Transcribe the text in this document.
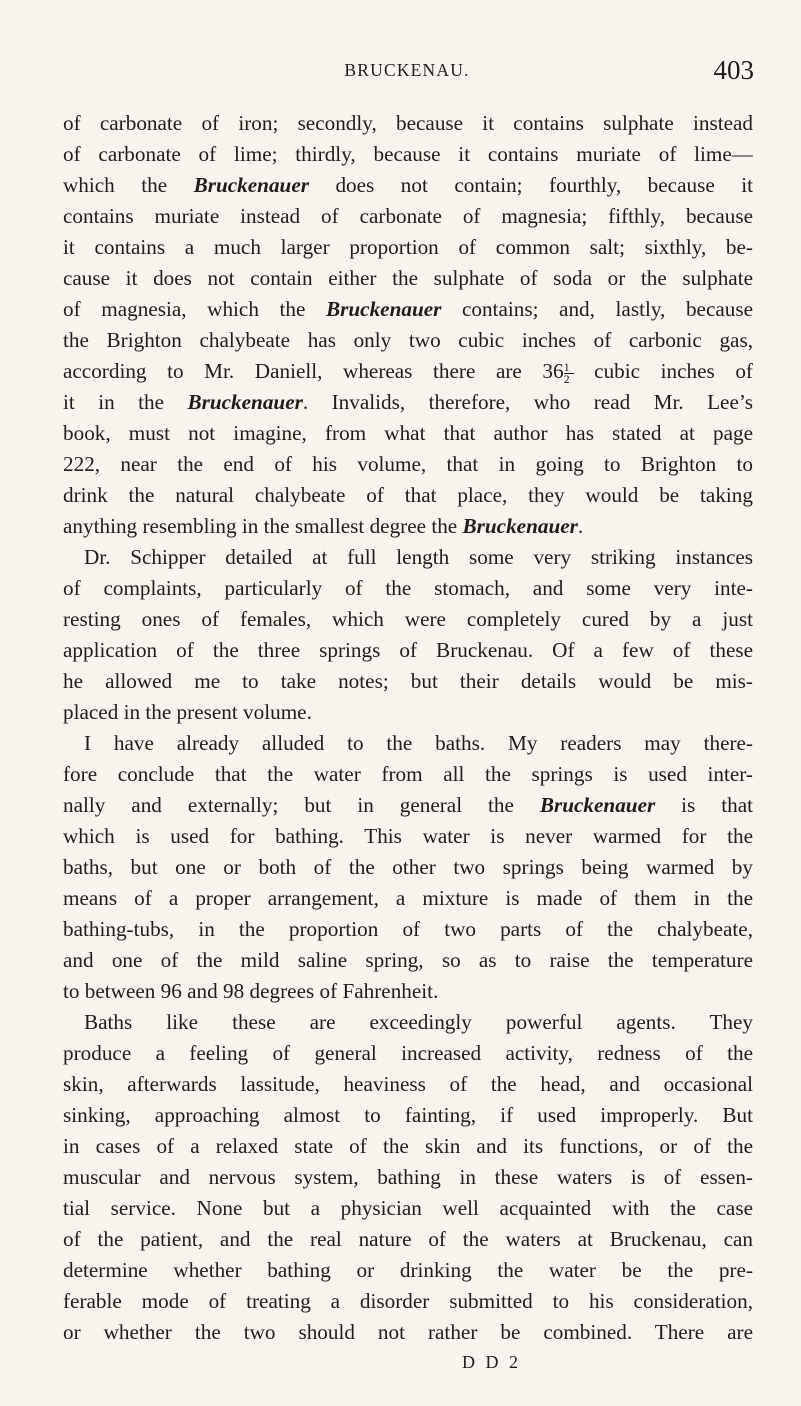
BRUCKENAU.	403
of carbonate of iron; secondly, because it contains sulphate instead
of carbonate of lime; thirdly, because it contains muriate of lime—
which the Bruckenauer does not contain; fourthly, because it
contains muriate instead of carbonate of magnesia; fifthly, because
it contains a much larger proportion of common salt; sixthly, be-
cause it does not contain either the sulphate of soda or the sulphate
of magnesia, which the Bruckenauer contains; and, lastly, because
the Brighton chalybeate has only two cubic inches of carbonic gas,
according to Mr. Daniell, whereas there are $36 \frac{1}{2}$ cubic inches of
it in the Bruckenauer. Invalids, therefore, who read Mr. Lee’s
book, must not imagine, from what that author has stated at page
222, near the end of his volume, that in going to Brighton to
drink the natural chalybeate of that place, they would be taking
anything resembling in the smallest degree the Bruckenauer.
Dr. Schipper detailed at full length some very striking instances
of complaints, particularly of the stomach, and some very inte-
resting ones of females, which were completely cured by a just
application of the three springs of Bruckenau. Of a few of these
he allowed me to take notes; but their details would be mis-
placed in the present volume.
I have already alluded to the baths. My readers may there-
fore conclude that the water from all the springs is used inter-
nally and externally; but in general the Bruckenauer is that
which is used for bathing. This water is never warmed for the
baths, but one or both of the other two springs being warmed by
means of a proper arrangement, a mixture is made of them in the
bathing-tubs, in the proportion of two parts of the chalybeate,
and one of the mild saline spring, so as to raise the temperature
to between 96 and 98 degrees of Fahrenheit.
Baths like these are exceedingly powerful agents. They
produce a feeling of general increased activity, redness of the
skin, afterwards lassitude, heaviness of the head, and occasional
sinking, approaching almost to fainting, if used improperly. But
in cases of a relaxed state of the skin and its functions, or of the
muscular and nervous system, bathing in these waters is of essen-
tial service. None but a physician well acquainted with the case
of the patient, and the real nature of the waters at Bruckenau, can
determine whether bathing or drinking the water be the pre-
ferable mode of treating a disorder submitted to his consideration,
or whether the two should not rather be combined. There are
D D 2
